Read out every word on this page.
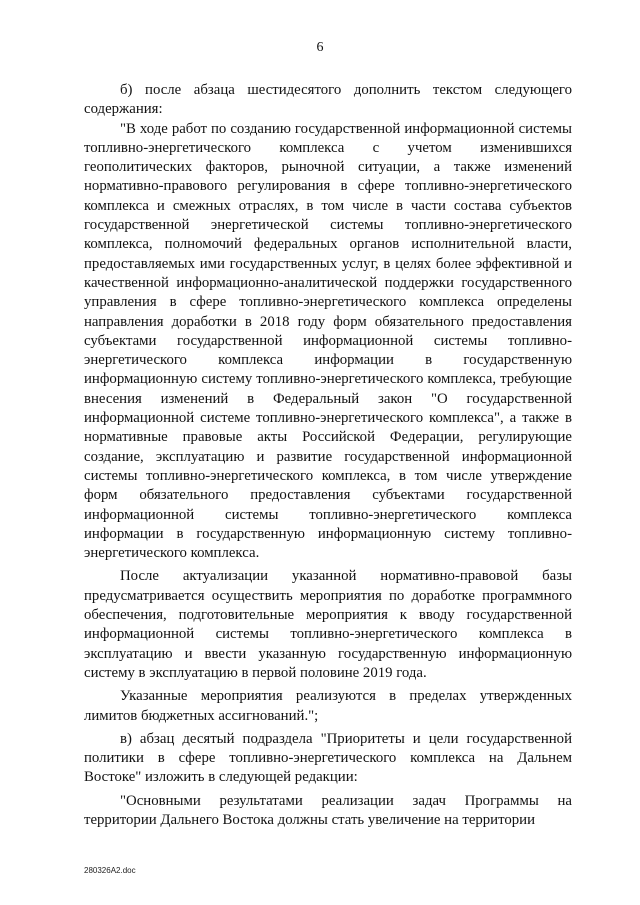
6

б) после абзаца шестидесятого дополнить текстом следующего содержания:

"В ходе работ по созданию государственной информационной системы топливно-энергетического комплекса с учетом изменившихся геополитических факторов, рыночной ситуации, а также изменений нормативно-правового регулирования в сфере топливно-энергетического комплекса и смежных отраслях, в том числе в части состава субъектов государственной энергетической системы топливно-энергетического комплекса, полномочий федеральных органов исполнительной власти, предоставляемых ими государственных услуг, в целях более эффективной и качественной информационно-аналитической поддержки государственного управления в сфере топливно-энергетического комплекса определены направления доработки в 2018 году форм обязательного предоставления субъектами государственной информационной системы топливно-энергетического комплекса информации в государственную информационную систему топливно-энергетического комплекса, требующие внесения изменений в Федеральный закон "О государственной информационной системе топливно-энергетического комплекса", а также в нормативные правовые акты Российской Федерации, регулирующие создание, эксплуатацию и развитие государственной информационной системы топливно-энергетического комплекса, в том числе утверждение форм обязательного предоставления субъектами государственной информационной системы топливно-энергетического комплекса информации в государственную информационную систему топливно-энергетического комплекса.

После актуализации указанной нормативно-правовой базы предусматривается осуществить мероприятия по доработке программного обеспечения, подготовительные мероприятия к вводу государственной информационной системы топливно-энергетического комплекса в эксплуатацию и ввести указанную государственную информационную систему в эксплуатацию в первой половине 2019 года.

Указанные мероприятия реализуются в пределах утвержденных лимитов бюджетных ассигнований.";

в) абзац десятый подраздела "Приоритеты и цели государственной политики в сфере топливно-энергетического комплекса на Дальнем Востоке" изложить в следующей редакции:

"Основными результатами реализации задач Программы на территории Дальнего Востока должны стать увеличение на территории

280326A2.doc
